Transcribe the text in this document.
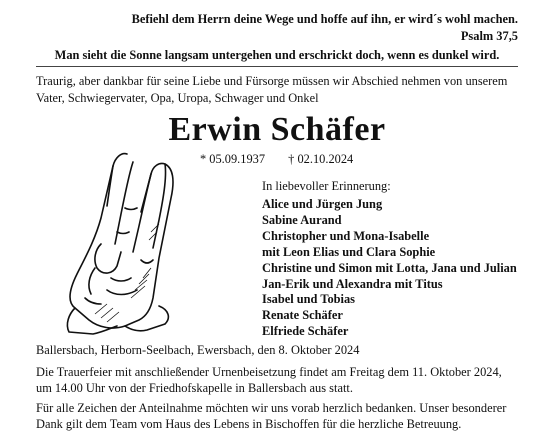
Befiehl dem Herrn deine Wege und hoffe auf ihn, er wird´s wohl machen.
Psalm 37,5
Man sieht die Sonne langsam untergehen und erschrickt doch, wenn es dunkel wird.
Traurig, aber dankbar für seine Liebe und Fürsorge müssen wir Abschied nehmen von unserem
Vater, Schwiegervater, Opa, Uropa, Schwager und Onkel
Erwin Schäfer
* 05.09.1937 † 02.10.2024
In liebevoller Erinnerung:
Alice und Jürgen Jung
Sabine Aurand
Christopher und Mona-Isabelle
mit Leon Elias und Clara Sophie
Christine und Simon mit Lotta, Jana und Julian
Jan-Erik und Alexandra mit Titus
Isabel und Tobias
Renate Schäfer
Elfriede Schäfer
Ballersbach, Herborn-Seelbach, Ewersbach, den 8. Oktober 2024
Die Trauerfeier mit anschließender Urnenbeisetzung findet am Freitag dem 11. Oktober 2024,
um 14.00 Uhr von der Friedhofskapelle in Ballersbach aus statt.
Für alle Zeichen der Anteilnahme möchten wir uns vorab herzlich bedanken. Unser besonderer
Dank gilt dem Team vom Haus des Lebens in Bischoffen für die herzliche Betreuung.
